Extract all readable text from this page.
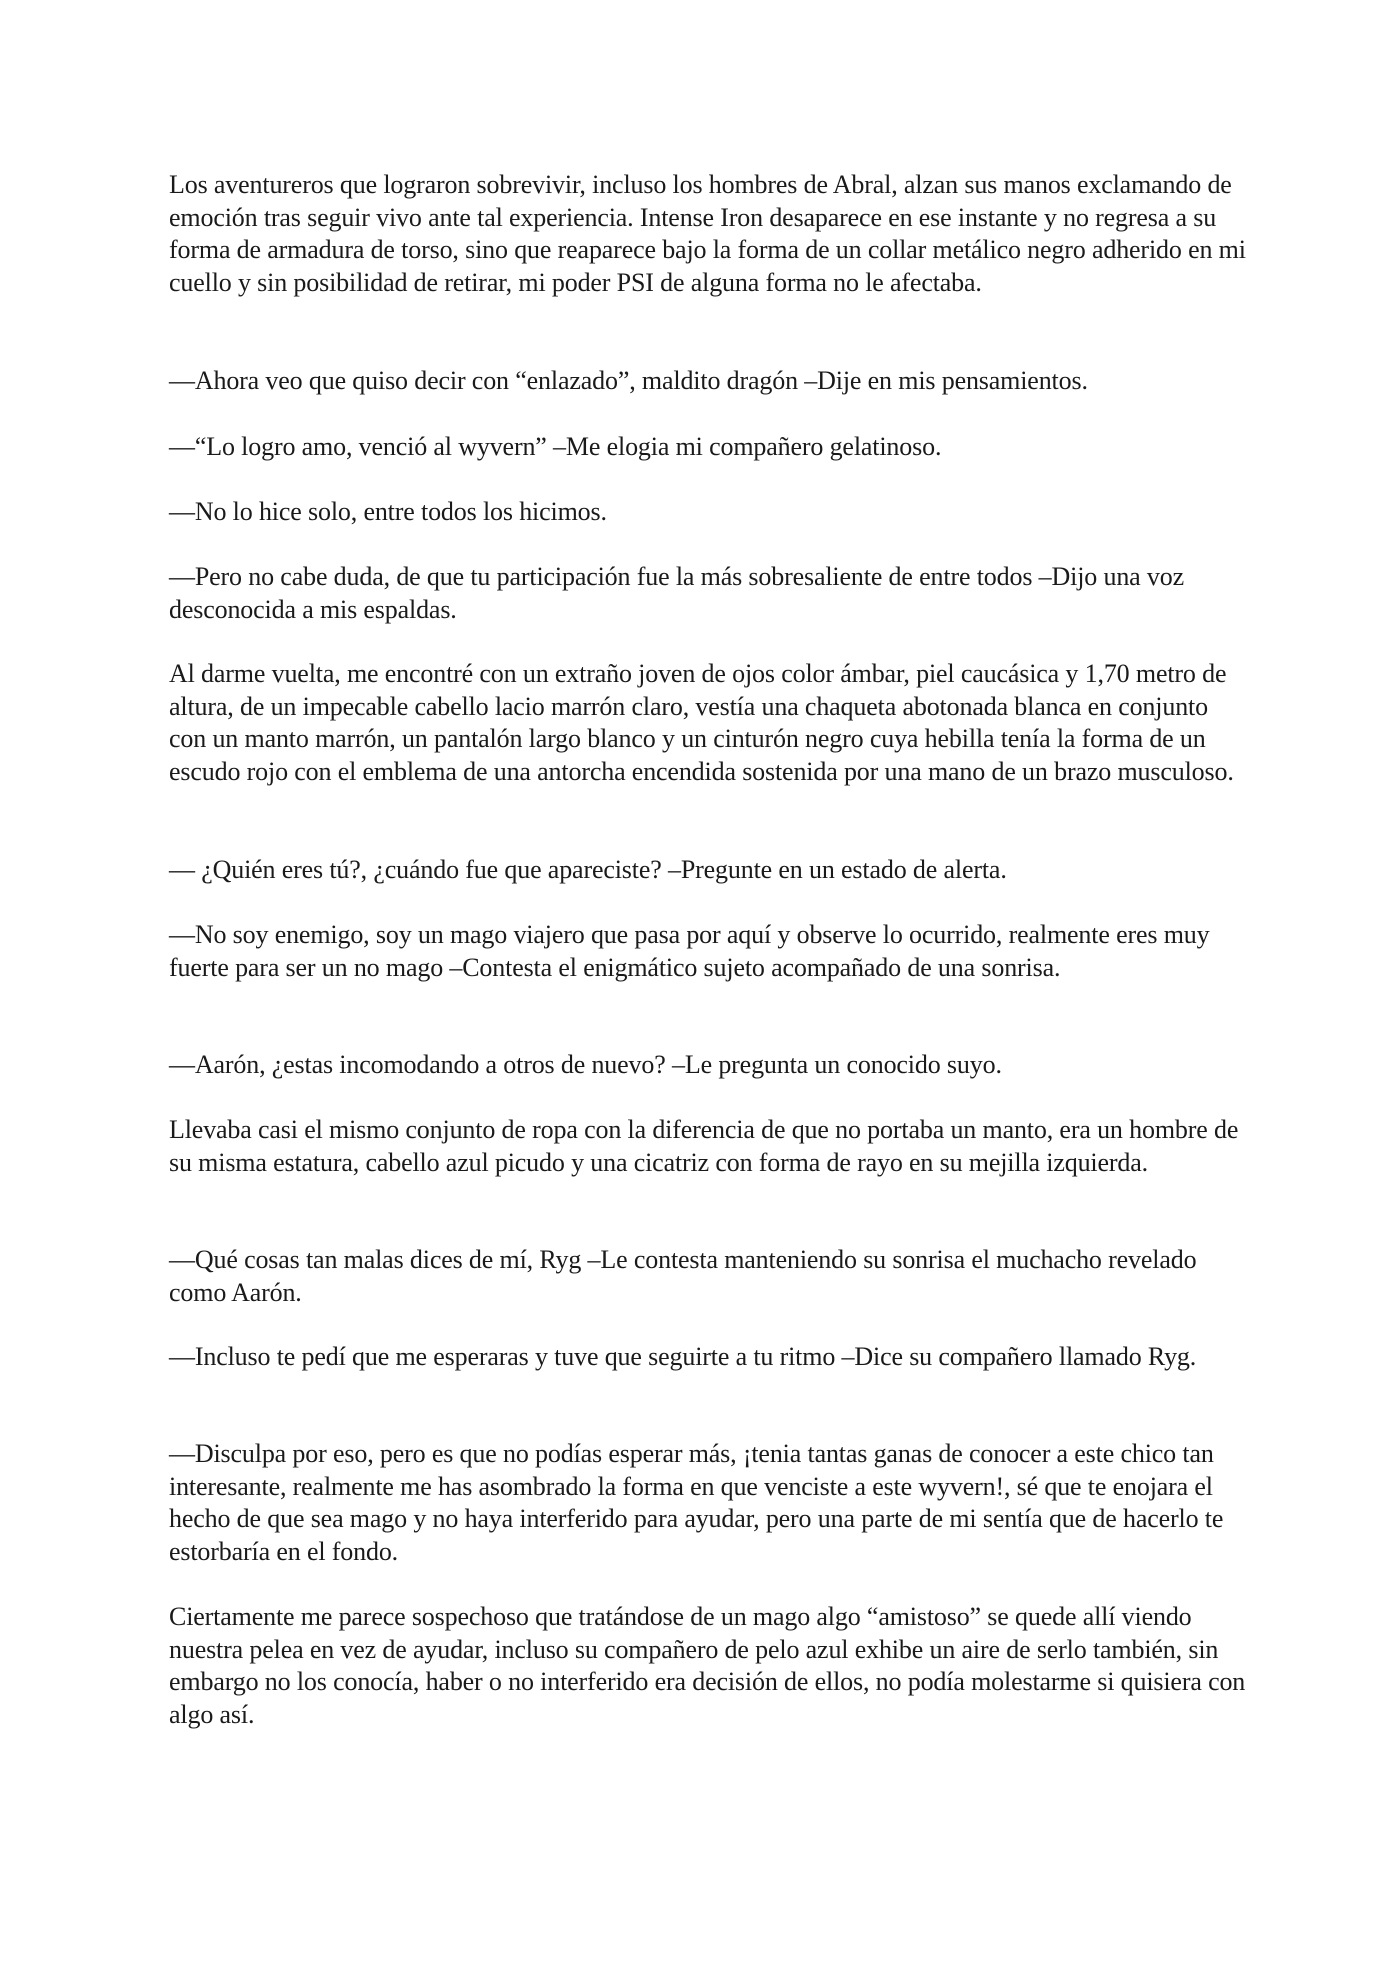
Los aventureros que lograron sobrevivir, incluso los hombres de Abral, alzan sus manos exclamando de emoción tras seguir vivo ante tal experiencia. Intense Iron desaparece en ese instante y no regresa a su forma de armadura de torso, sino que reaparece bajo la forma de un collar metálico negro adherido en mi cuello y sin posibilidad de retirar, mi poder PSI de alguna forma no le afectaba.

—Ahora veo que quiso decir con “enlazado”, maldito dragón –Dije en mis pensamientos.

—“Lo logro amo, venció al wyvern” –Me elogia mi compañero gelatinoso.

—No lo hice solo, entre todos los hicimos.

—Pero no cabe duda, de que tu participación fue la más sobresaliente de entre todos –Dijo una voz desconocida a mis espaldas.

Al darme vuelta, me encontré con un extraño joven de ojos color ámbar, piel caucásica y 1,70 metro de altura, de un impecable cabello lacio marrón claro, vestía una chaqueta abotonada blanca en conjunto con un manto marrón, un pantalón largo blanco y un cinturón negro cuya hebilla tenía la forma de un escudo rojo con el emblema de una antorcha encendida sostenida por una mano de un brazo musculoso.

— ¿Quién eres tú?, ¿cuándo fue que apareciste? –Pregunte en un estado de alerta.

—No soy enemigo, soy un mago viajero que pasa por aquí y observe lo ocurrido, realmente eres muy fuerte para ser un no mago –Contesta el enigmático sujeto acompañado de una sonrisa.

—Aarón, ¿estas incomodando a otros de nuevo? –Le pregunta un conocido suyo.

Llevaba casi el mismo conjunto de ropa con la diferencia de que no portaba un manto, era un hombre de su misma estatura, cabello azul picudo y una cicatriz con forma de rayo en su mejilla izquierda.

—Qué cosas tan malas dices de mí, Ryg –Le contesta manteniendo su sonrisa el muchacho revelado como Aarón.

—Incluso te pedí que me esperaras y tuve que seguirte a tu ritmo –Dice su compañero llamado Ryg.

—Disculpa por eso, pero es que no podías esperar más, ¡tenia tantas ganas de conocer a este chico tan interesante, realmente me has asombrado la forma en que venciste a este wyvern!, sé que te enojara el hecho de que sea mago y no haya interferido para ayudar, pero una parte de mi sentía que de hacerlo te estorbaría en el fondo.

Ciertamente me parece sospechoso que tratándose de un mago algo “amistoso” se quede allí viendo nuestra pelea en vez de ayudar, incluso su compañero de pelo azul exhibe un aire de serlo también, sin embargo no los conocía, haber o no interferido era decisión de ellos, no podía molestarme si quisiera con algo así.
